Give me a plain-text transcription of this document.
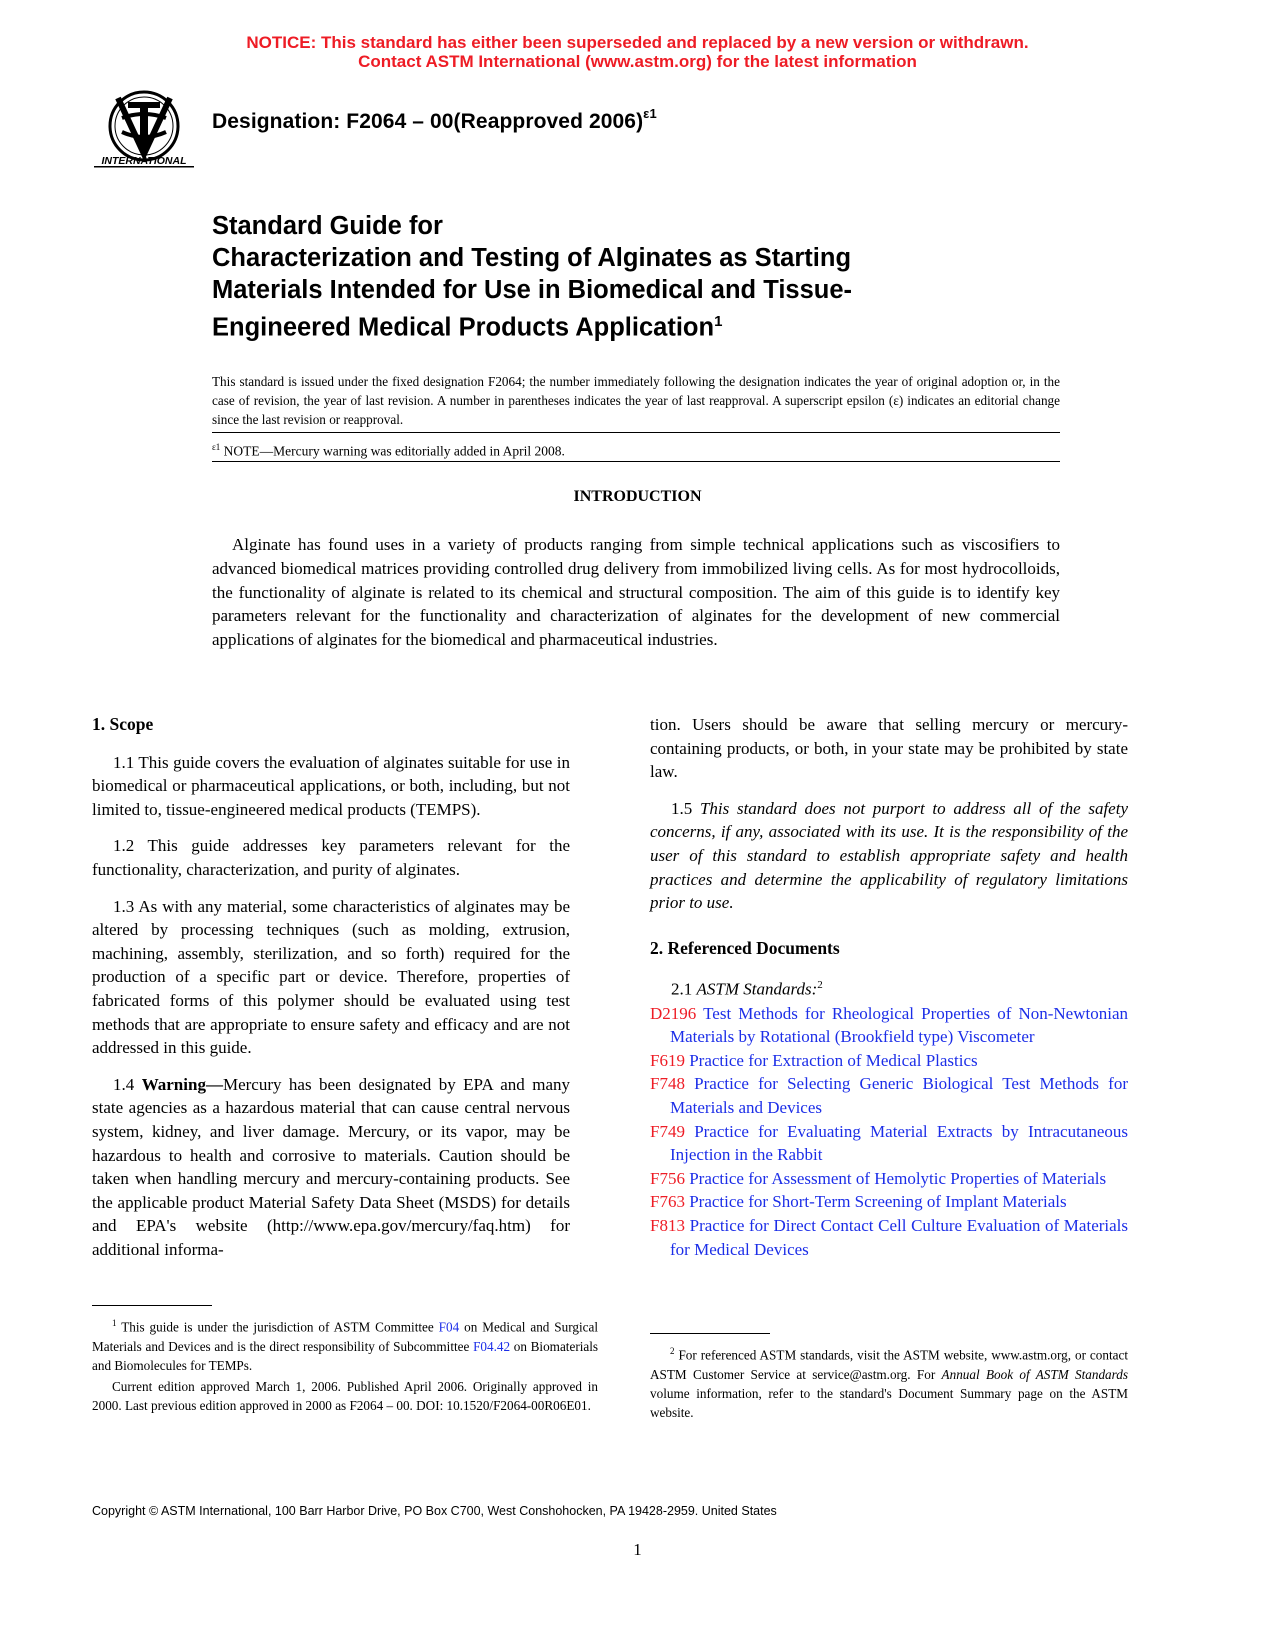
NOTICE: This standard has either been superseded and replaced by a new version or withdrawn.
Contact ASTM International (www.astm.org) for the latest information
INTERNATIONAL
Designation: F2064 – 00(Reapproved 2006)$^{\varepsilon 1}$
Standard Guide for
Characterization and Testing of Alginates as Starting
Materials Intended for Use in Biomedical and Tissue-
Engineered Medical Products Application$^1$
This standard is issued under the fixed designation F2064; the number immediately following the designation indicates the year of original adoption or, in the case of revision, the year of last revision. A number in parentheses indicates the year of last reapproval. A superscript epsilon (ε) indicates an editorial change since the last revision or reapproval.
$^{\varepsilon 1}$ NOTE—Mercury warning was editorially added in April 2008.
INTRODUCTION
Alginate has found uses in a variety of products ranging from simple technical applications such as viscosifiers to advanced biomedical matrices providing controlled drug delivery from immobilized living cells. As for most hydrocolloids, the functionality of alginate is related to its chemical and structural composition. The aim of this guide is to identify key parameters relevant for the functionality and characterization of alginates for the development of new commercial applications of alginates for the biomedical and pharmaceutical industries.
1. Scope
1.1 This guide covers the evaluation of alginates suitable for use in biomedical or pharmaceutical applications, or both, including, but not limited to, tissue-engineered medical products (TEMPS).
1.2 This guide addresses key parameters relevant for the functionality, characterization, and purity of alginates.
1.3 As with any material, some characteristics of alginates may be altered by processing techniques (such as molding, extrusion, machining, assembly, sterilization, and so forth) required for the production of a specific part or device. Therefore, properties of fabricated forms of this polymer should be evaluated using test methods that are appropriate to ensure safety and efficacy and are not addressed in this guide.
1.4 Warning—Mercury has been designated by EPA and many state agencies as a hazardous material that can cause central nervous system, kidney, and liver damage. Mercury, or its vapor, may be hazardous to health and corrosive to materials. Caution should be taken when handling mercury and mercury-containing products. See the applicable product Material Safety Data Sheet (MSDS) for details and EPA's website (http://www.epa.gov/mercury/faq.htm) for additional informa-
tion. Users should be aware that selling mercury or mercury-containing products, or both, in your state may be prohibited by state law.
1.5 This standard does not purport to address all of the safety concerns, if any, associated with its use. It is the responsibility of the user of this standard to establish appropriate safety and health practices and determine the applicability of regulatory limitations prior to use.
2. Referenced Documents
2.1 ASTM Standards:$^2$
D2196 Test Methods for Rheological Properties of Non-Newtonian Materials by Rotational (Brookfield type) Viscometer
F619 Practice for Extraction of Medical Plastics
F748 Practice for Selecting Generic Biological Test Methods for Materials and Devices
F749 Practice for Evaluating Material Extracts by Intracutaneous Injection in the Rabbit
F756 Practice for Assessment of Hemolytic Properties of Materials
F763 Practice for Short-Term Screening of Implant Materials
F813 Practice for Direct Contact Cell Culture Evaluation of Materials for Medical Devices
$^1$ This guide is under the jurisdiction of ASTM Committee F04 on Medical and Surgical Materials and Devices and is the direct responsibility of Subcommittee F04.42 on Biomaterials and Biomolecules for TEMPs.
Current edition approved March 1, 2006. Published April 2006. Originally approved in 2000. Last previous edition approved in 2000 as F2064 – 00. DOI: 10.1520/F2064-00R06E01.
$^2$ For referenced ASTM standards, visit the ASTM website, www.astm.org, or contact ASTM Customer Service at service@astm.org. For Annual Book of ASTM Standards volume information, refer to the standard's Document Summary page on the ASTM website.
Copyright © ASTM International, 100 Barr Harbor Drive, PO Box C700, West Conshohocken, PA 19428-2959. United States
1
